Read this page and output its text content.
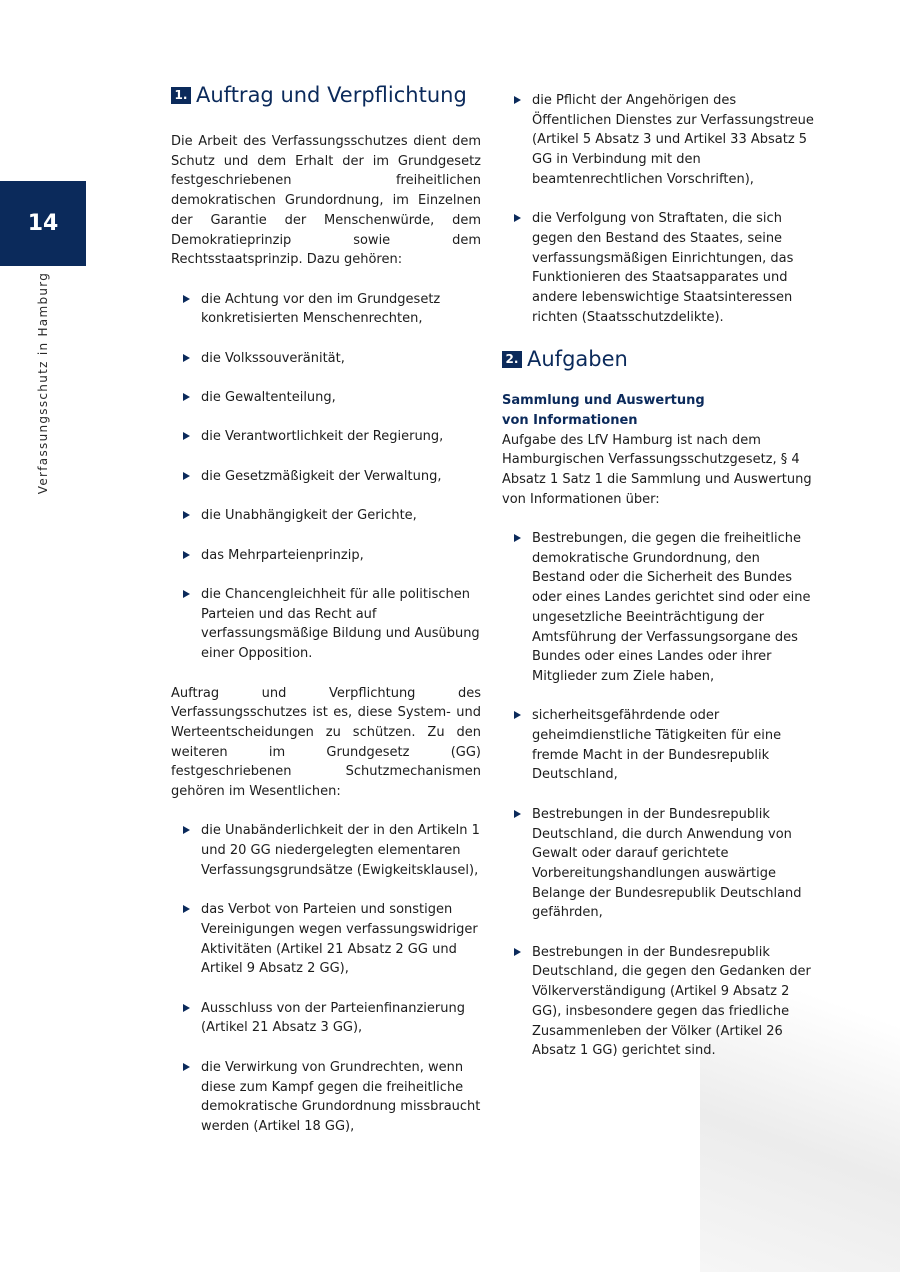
14
Verfassungsschutz in Hamburg
1. Auftrag und Verpflichtung

Die Arbeit des Verfassungsschutzes dient dem Schutz und dem Erhalt der im Grundgesetz festgeschriebenen freiheitlichen demokratischen Grundordnung, im Einzelnen der Garantie der Menschenwürde, dem Demokratieprinzip sowie dem Rechtsstaatsprinzip. Dazu gehören:

die Achtung vor den im Grundgesetz konkretisierten Menschenrechten,
die Volkssouveränität,
die Gewaltenteilung,
die Verantwortlichkeit der Regierung,
die Gesetzmäßigkeit der Verwaltung,
die Unabhängigkeit der Gerichte,
das Mehrparteienprinzip,
die Chancengleichheit für alle politischen Parteien und das Recht auf verfassungsmäßige Bildung und Ausübung einer Opposition.

Auftrag und Verpflichtung des Verfassungsschutzes ist es, diese System- und Werteentscheidungen zu schützen. Zu den weiteren im Grundgesetz (GG) festgeschriebenen Schutzmechanismen gehören im Wesentlichen:

die Unabänderlichkeit der in den Artikeln 1 und 20 GG niedergelegten elementaren Verfassungsgrundsätze (Ewigkeitsklausel),
das Verbot von Parteien und sonstigen Vereinigungen wegen verfassungswidriger Aktivitäten (Artikel 21 Absatz 2 GG und Artikel 9 Absatz 2 GG),
Ausschluss von der Parteienfinanzierung (Artikel 21 Absatz 3 GG),
die Verwirkung von Grundrechten, wenn diese zum Kampf gegen die freiheitliche demokratische Grundordnung missbraucht werden (Artikel 18 GG),
die Pflicht der Angehörigen des Öffentlichen Dienstes zur Verfassungstreue (Artikel 5 Absatz 3 und Artikel 33 Absatz 5 GG in Verbindung mit den beamtenrechtlichen Vorschriften),
die Verfolgung von Straftaten, die sich gegen den Bestand des Staates, seine verfassungsmäßigen Einrichtungen, das Funktionieren des Staatsapparates und andere lebenswichtige Staatsinteressen richten (Staatsschutzdelikte).
2. Aufgaben

Sammlung und Auswertung

von Informationen

Aufgabe des LfV Hamburg ist nach dem Hamburgischen Verfassungsschutzgesetz, § 4 Absatz 1 Satz 1 die Sammlung und Auswertung von Informationen über:

Bestrebungen, die gegen die freiheitliche demokratische Grundordnung, den Bestand oder die Sicherheit des Bundes oder eines Landes gerichtet sind oder eine ungesetzliche Beeinträchtigung der Amtsführung der Verfassungsorgane des Bundes oder eines Landes oder ihrer Mitglieder zum Ziele haben,
sicherheitsgefährdende oder geheimdienstliche Tätigkeiten für eine fremde Macht in der Bundesrepublik Deutschland,
Bestrebungen in der Bundesrepublik Deutschland, die durch Anwendung von Gewalt oder darauf gerichtete Vorbereitungshandlungen auswärtige Belange der Bundesrepublik Deutschland gefährden,
Bestrebungen in der Bundesrepublik Deutschland, die gegen den Gedanken der Völkerverständigung (Artikel 9 Absatz 2 GG), insbesondere gegen das friedliche Zusammenleben der Völker (Artikel 26 Absatz 1 GG) gerichtet sind.
